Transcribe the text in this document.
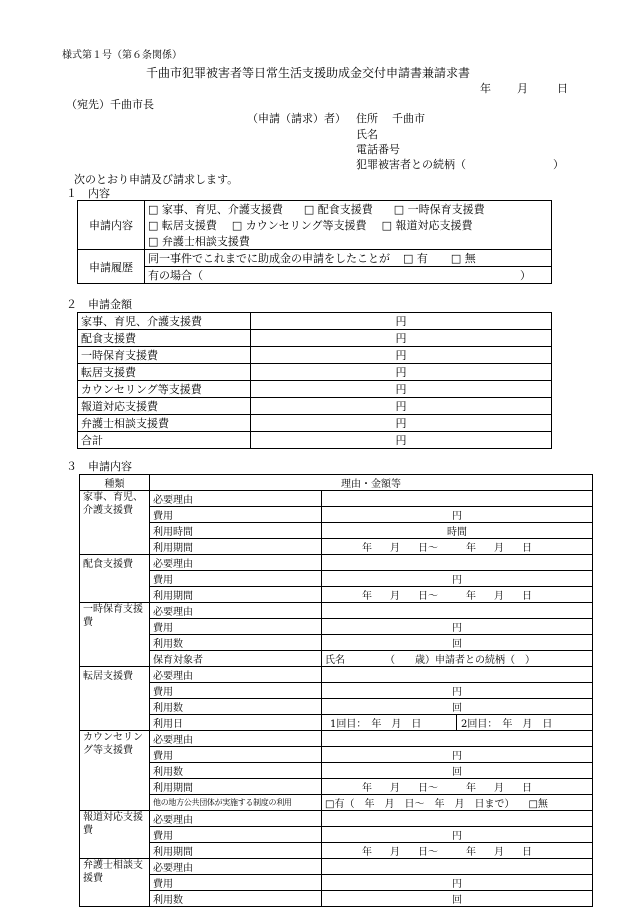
様式第１号（第６条関係）
千曲市犯罪被害者等日常生活支援助成金交付申請書兼請求書
年 月	日
（宛先）千曲市長
（申請（請求）者） 住所 千曲市
氏名
電話番号
犯罪被害者との続柄（	）
次のとおり申請及び請求します。
１　内容
申請内容	□ 家事、育児、介護支援費 □ 配食支援費 □ 一時保育支援費
	□ 転居支援費 □ カウンセリング等支援費 □ 報道対応支援費
	□ 弁護士相談支援費
申請履歴	同一事件でこれまでに助成金の申請をしたことが □ 有 □ 無
	有の場合（ ）
２　申請金額
家事、育児、介護支援費	円
配食支援費	円
一時保育支援費	円
転居支援費	円
カウンセリング等支援費	円
報道対応支援費	円
弁護士相談支援費	円
合計	円
３　申請内容
種類	理由・金額等	
家事、育児、介護支援費	必要理由	
	費用	円
	利用時間	時間
	利用期間	年 月 日～ 年 月 日
配食支援費	必要理由	
	費用	円
	利用期間	年 月 日～ 年 月 日
一時保育支援費	必要理由	
	費用	円
	利用数	回
	保育対象者	氏名 （　　歳）申請者との続柄（　）
転居支援費	必要理由	
	費用	円
	利用数	回
	利用日	1回目：　年　月　日 2回目：　年　月　日
カウンセリング等支援費	必要理由	
	費用	円
	利用数	回
	利用期間	年 月 日～ 年 月 日
	他の地方公共団体が実施する制度の利用	□有（　年　月　日～　年　月　日まで） □無
報道対応支援費	必要理由	
	費用	円
	利用期間	年 月 日～ 年 月 日
弁護士相談支援費	必要理由	
	費用	円
	利用数	回
